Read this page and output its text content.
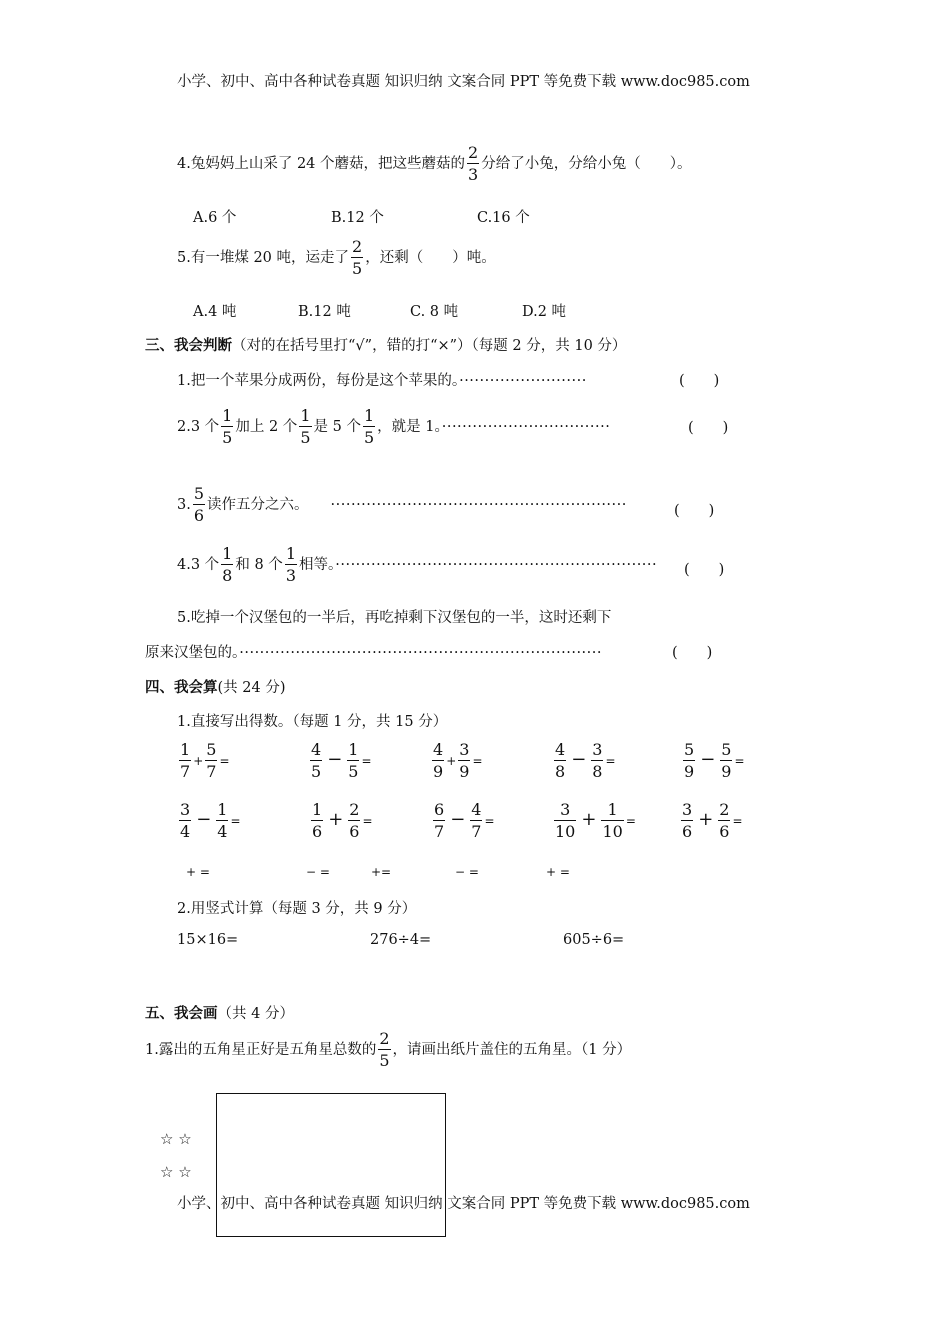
小学、初中、高中各种试卷真题 知识归纳 文案合同 PPT 等免费下载 www.doc985.com
4.兔妈妈上山采了 24 个蘑菇，把这些蘑菇的 $\frac{2}{3}$ 分给了小兔，分给小兔（　　）。
A.6 个	B.12 个	C.16 个
5.有一堆煤 20 吨，运走了 $\frac{2}{5}$ ，还剩（　　）吨。
A.4 吨	B.12 吨	C. 8 吨	D.2 吨
三、我会判断（对的在括号里打“√”，错的打“×”）（每题 2 分，共 10 分）
1.把一个苹果分成两份，每份是这个苹果的。·························	(　　)
2.3 个 $\frac{1}{5}$ 加上 2 个 $\frac{1}{5}$ 是 5 个 $\frac{1}{5}$ ，就是 1。·································	(　　)
3. $\frac{5}{6}$ 读作五分之六。 ··························································	(　　)
4.3 个 $\frac{1}{8}$ 和 8 个 $\frac{1}{3}$ 相等。······························································· (　　)
5.吃掉一个汉堡包的一半后，再吃掉剩下汉堡包的一半，这时还剩下
原来汉堡包的。·······································································	(　　)
四、我会算(共 24 分)
1.直接写出得数。（每题 1 分，共 15 分）
$\frac{1}{7} + \frac{5}{7}$ =	$\frac{4}{5} - \frac{1}{5}$ =	$\frac{4}{9} + \frac{3}{9}$ =	$\frac{4}{8} - \frac{3}{8}$ =	$\frac{5}{9} - \frac{5}{9}$ =
$\frac{3}{4} - \frac{1}{4}$ =	$\frac{1}{6} + \frac{2}{6}$ =	$\frac{6}{7} - \frac{4}{7}$ =	$\frac{3}{10} + \frac{1}{10}$ =	$\frac{3}{6} + \frac{2}{6}$ =
+ =	− =	+=	− =	+ =
2.用竖式计算（每题 3 分，共 9 分）
15×16=	276÷4=	605÷6=
五、我会画（共 4 分）
1.露出的五角星正好是五角星总数的 $\frac{2}{5}$ ，请画出纸片盖住的五角星。（1 分）
☆ ☆
☆ ☆
小学、初中、高中各种试卷真题 知识归纳 文案合同 PPT 等免费下载 www.doc985.com
